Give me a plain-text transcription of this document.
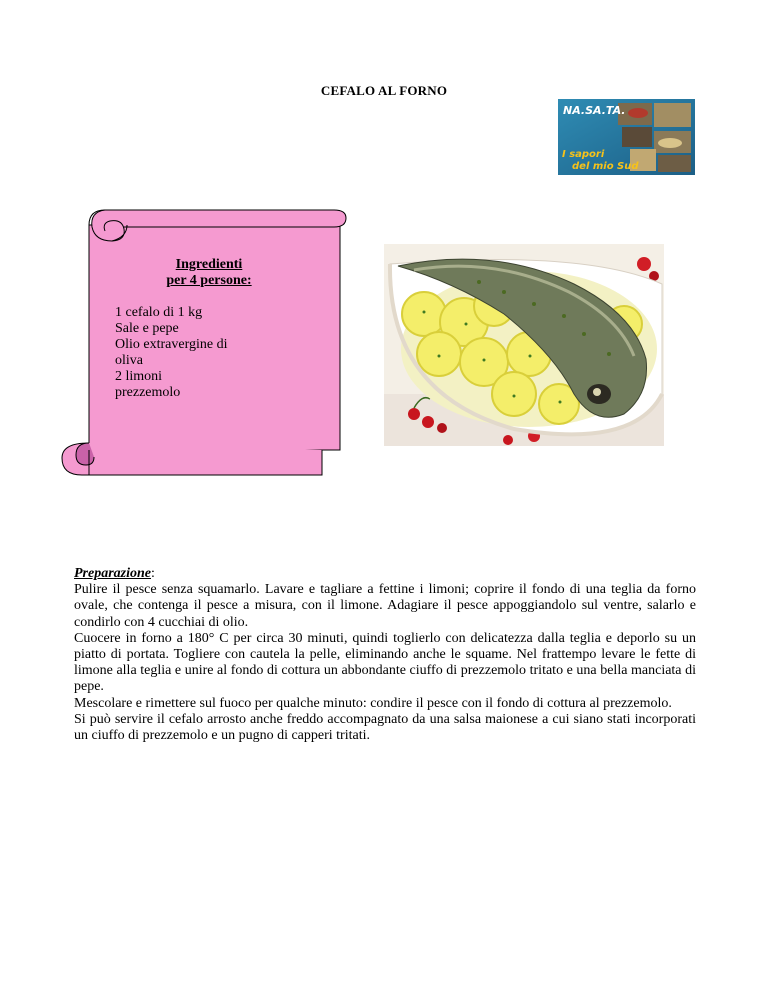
CEFALO AL FORNO
NA.SA.TA.
I sapori
del mio Sud
Ingredienti
per 4 persone:
1 cefalo di 1 kg
Sale e pepe
Olio extravergine di
oliva
2 limoni
prezzemolo
Preparazione:

Pulire il pesce senza squamarlo. Lavare e tagliare a fettine i limoni; coprire il fondo di una teglia da forno ovale, che contenga il pesce a misura, con il limone. Adagiare il pesce appoggiandolo sul ventre, salarlo e condirlo con 4 cucchiai di olio.

Cuocere in forno a 180° C per circa 30 minuti, quindi toglierlo con delicatezza dalla teglia e deporlo su un piatto di portata. Togliere con cautela la pelle, eliminando anche le squame. Nel frattempo levare le fette di limone alla teglia e unire al fondo di cottura un abbondante ciuffo di prezzemolo tritato e una bella manciata di pepe.

Mescolare e rimettere sul fuoco per qualche minuto: condire il pesce con il fondo di cottura al prezzemolo.

Si può servire il cefalo arrosto anche freddo accompagnato da una salsa maionese a cui siano stati incorporati un ciuffo di prezzemolo e un pugno di capperi tritati.
